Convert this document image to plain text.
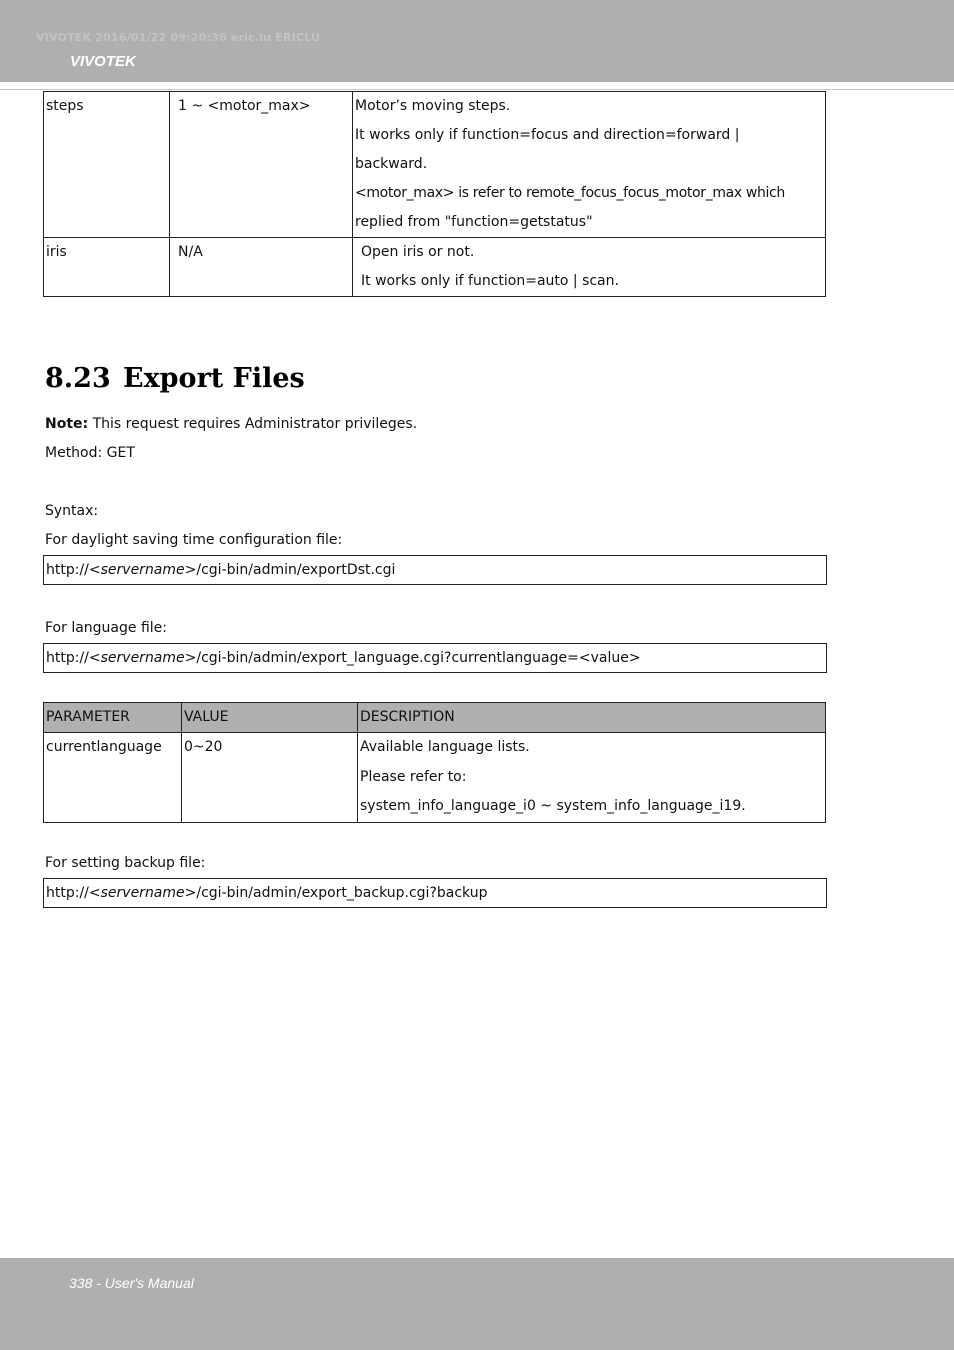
VIVOTEK 2016/01/22 09:20:36 eric.lu ERICLU
VIVOTEK
steps	1 ~ <motor_max>	Motor’s moving steps.
It works only if function=focus and direction=forward |
backward.
<motor_max> is refer to remote_focus_focus_motor_max which
replied from "function=getstatus"

iris	N/A	Open iris or not.
It works only if function=auto | scan.
8.23 Export Files
Note: This request requires Administrator privileges.
Method: GET
Syntax:
For daylight saving time configuration file:
http://<servername>/cgi-bin/admin/exportDst.cgi
For language file:
http://<servername>/cgi-bin/admin/export_language.cgi?currentlanguage=<value>
PARAMETER	VALUE	DESCRIPTION
currentlanguage	0~20	Available language lists.
Please refer to:
system_info_language_i0 ~ system_info_language_i19.
For setting backup file:
http://<servername>/cgi-bin/admin/export_backup.cgi?backup
338 - User's Manual
